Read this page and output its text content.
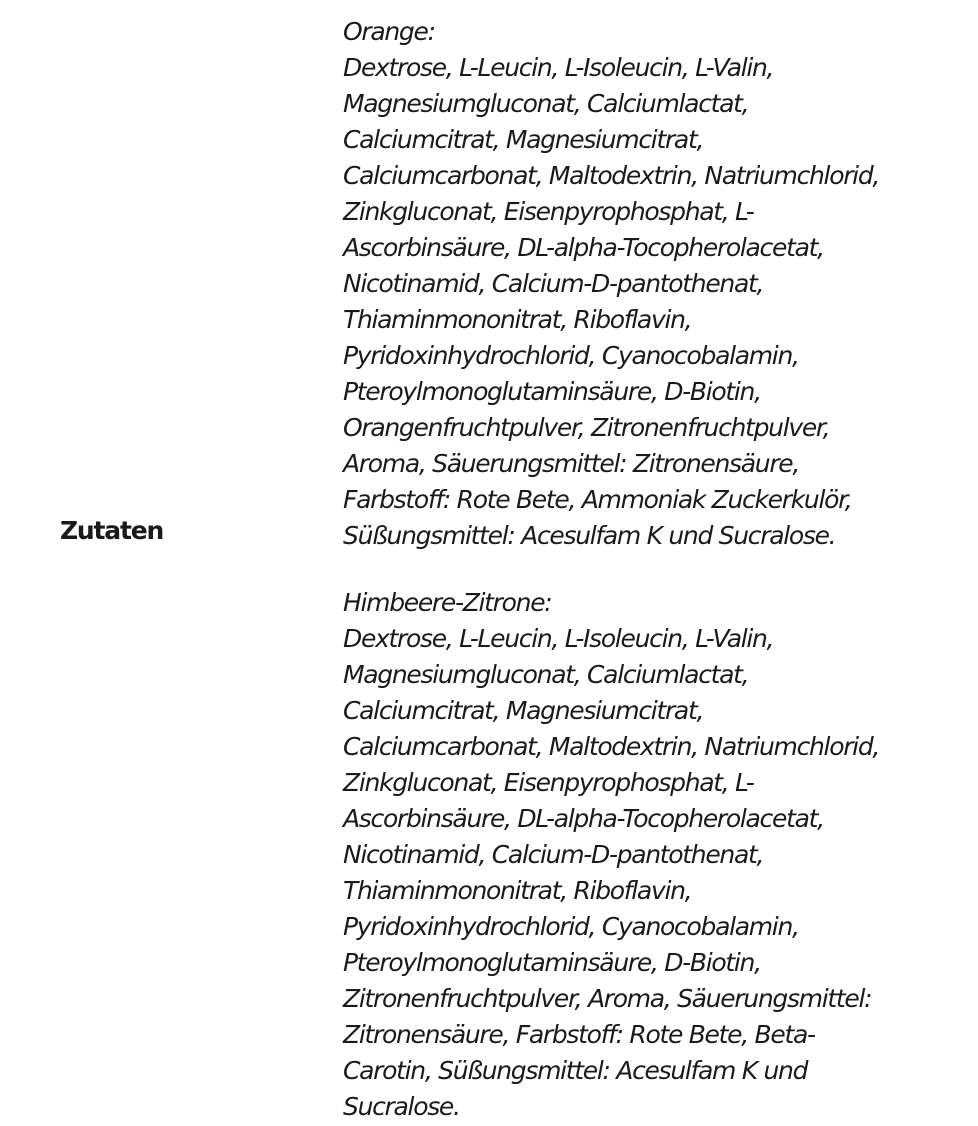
Zutaten

Orange:
Dextrose, L-Leucin, L-Isoleucin, L-Valin,
Magnesiumgluconat, Calciumlactat,
Calciumcitrat, Magnesiumcitrat,
Calciumcarbonat, Maltodextrin, Natriumchlorid,
Zinkgluconat, Eisenpyrophosphat, L-
Ascorbinsäure, DL-alpha-Tocopherolacetat,
Nicotinamid, Calcium-D-pantothenat,
Thiaminmononitrat, Riboflavin,
Pyridoxinhydrochlorid, Cyanocobalamin,
Pteroylmonoglutaminsäure, D-Biotin,
Orangenfruchtpulver, Zitronenfruchtpulver,
Aroma, Säuerungsmittel: Zitronensäure,
Farbstoff: Rote Bete, Ammoniak Zuckerkulör,
Süßungsmittel: Acesulfam K und Sucralose.

Himbeere-Zitrone:
Dextrose, L-Leucin, L-Isoleucin, L-Valin,
Magnesiumgluconat, Calciumlactat,
Calciumcitrat, Magnesiumcitrat,
Calciumcarbonat, Maltodextrin, Natriumchlorid,
Zinkgluconat, Eisenpyrophosphat, L-
Ascorbinsäure, DL-alpha-Tocopherolacetat,
Nicotinamid, Calcium-D-pantothenat,
Thiaminmononitrat, Riboflavin,
Pyridoxinhydrochlorid, Cyanocobalamin,
Pteroylmonoglutaminsäure, D-Biotin,
Zitronenfruchtpulver, Aroma, Säuerungsmittel:
Zitronensäure, Farbstoff: Rote Bete, Beta-
Carotin, Süßungsmittel: Acesulfam K und
Sucralose.
